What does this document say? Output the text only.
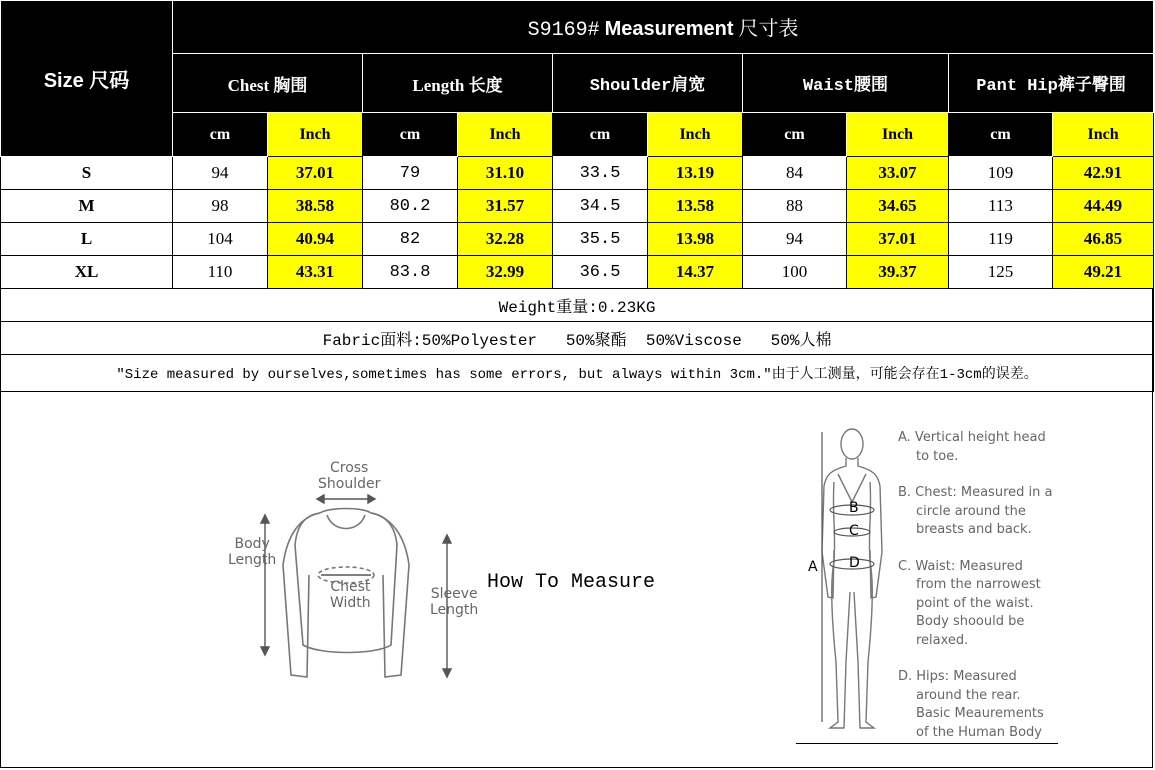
Size 尺码	S9169# Measurement 尺寸表									
	Chest 胸围		Length 长度		Shoulder肩宽		Waist腰围		Pant Hip裤子臀围	
	cm	Inch	cm	Inch	cm	Inch	cm	Inch	cm	Inch
S	94	37.01	79	31.10	33.5	13.19	84	33.07	109	42.91
M	98	38.58	80.2	31.57	34.5	13.58	88	34.65	113	44.49
L	104	40.94	82	32.28	35.5	13.98	94	37.01	119	46.85
XL	110	43.31	83.8	32.99	36.5	14.37	100	39.37	125	49.21
Weight重量:0.23KG										
Fabric面料:50%Polyester   50%聚酯  50%Viscose   50%人棉										
"Size measured by ourselves,sometimes has some errors, but always within 3cm."由于人工测量，可能会存在1-3cm的误差。										
Cross
Shoulder
Body
Length
Chest
Width
Sleeve
Length
How To Measure
A
B
C
D

A. Vertical height head
to toe.

B. Chest: Measured in a
circle around the
breasts and back.

C. Waist: Measured
from the narrowest
point of the waist.
Body shoould be
relaxed.

D. Hips: Measured
around the rear.
Basic Meaurements
of the Human Body
